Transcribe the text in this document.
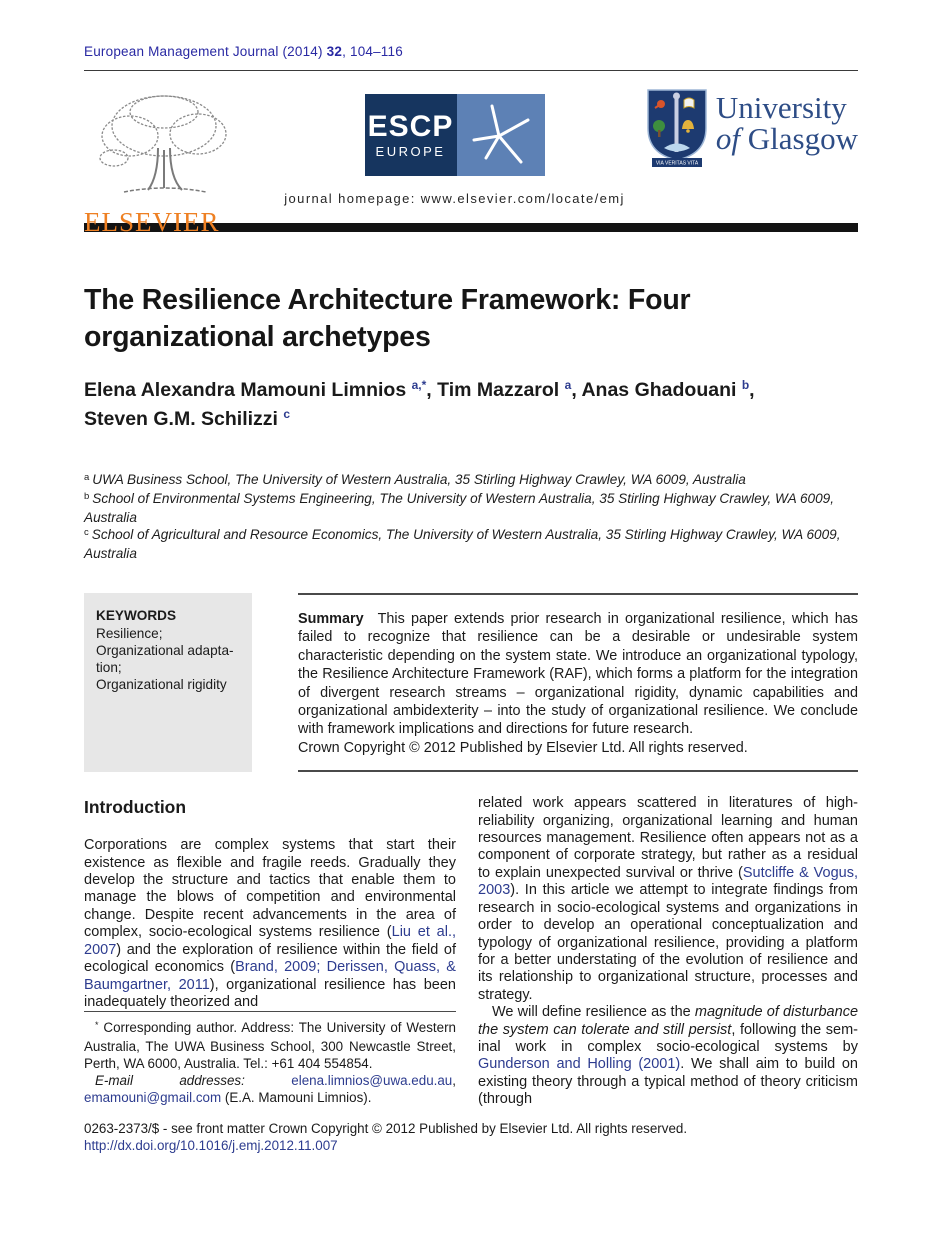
European Management Journal (2014) 32, 104–116
ELSEVIER
ESCP
EUROPE
journal homepage: www.elsevier.com/locate/emj
VIA VERITAS VITA
University
of Glasgow
The Resilience Architecture Framework: Four organizational archetypes
Elena Alexandra Mamouni Limnios $^{a,*}$, Tim Mazzarol $^a$, Anas Ghadouani $^b$,
Steven G.M. Schilizzi $^c$
$^a$ UWA Business School, The University of Western Australia, 35 Stirling Highway Crawley, WA 6009, Australia
$^b$ School of Environmental Systems Engineering, The University of Western Australia, 35 Stirling Highway Crawley, WA 6009, Australia
$^c$ School of Agricultural and Resource Economics, The University of Western Australia, 35 Stirling Highway Crawley, WA 6009, Australia
KEYWORDS
Resilience;
Organizational adaptation;
Organizational rigidity
Summary This paper extends prior research in organizational resilience, which has failed to recognize that resilience can be a desirable or undesirable system characteristic depending on the system state. We introduce an organizational typology, the Resilience Architecture Framework (RAF), which forms a platform for the integration of divergent research streams – organizational rigidity, dynamic capabilities and organizational ambidexterity – into the study of organizational resilience. We conclude with framework implications and directions for future research.
Crown Copyright © 2012 Published by Elsevier Ltd. All rights reserved.
Introduction

Corporations are complex systems that start their existence as flexible and fragile reeds. Gradually they develop the structure and tactics that enable them to manage the blows of competition and environmental change. Despite recent advancements in the area of complex, socio-ecological systems resilience (Liu et al., 2007) and the exploration of resilience within the field of ecological economics (Brand, 2009; Derissen, Quass, & Baumgartner, 2011), organizational resilience has been inadequately theorized and

* Corresponding author. Address: The University of Western Australia, The UWA Business School, 300 Newcastle Street, Perth, WA 6000, Australia. Tel.: +61 404 554854.

E-mail addresses:	elena.limnios@uwa.edu.au, emamouni@gmail.com (E.A. Mamouni Limnios).

related work appears scattered in literatures of high-reliability organizing, organizational learning and human resources management. Resilience often appears not as a component of corporate strategy, but rather as a residual to explain unexpected survival or thrive (Sutcliffe & Vogus, 2003). In this article we attempt to integrate findings from research in socio-ecological systems and organizations in order to develop an operational conceptualization and typology of organizational resilience, providing a platform for a better understating of the evolution of resilience and its relationship to organizational structure, processes and strategy.

We will define resilience as the magnitude of disturbance the system can tolerate and still persist, following the seminal work in complex socio-ecological systems by Gunderson and Holling (2001). We shall aim to build on existing theory through a typical method of theory criticism (through

0263-2373/$ - see front matter Crown Copyright © 2012 Published by Elsevier Ltd. All rights reserved.
http://dx.doi.org/10.1016/j.emj.2012.11.007
